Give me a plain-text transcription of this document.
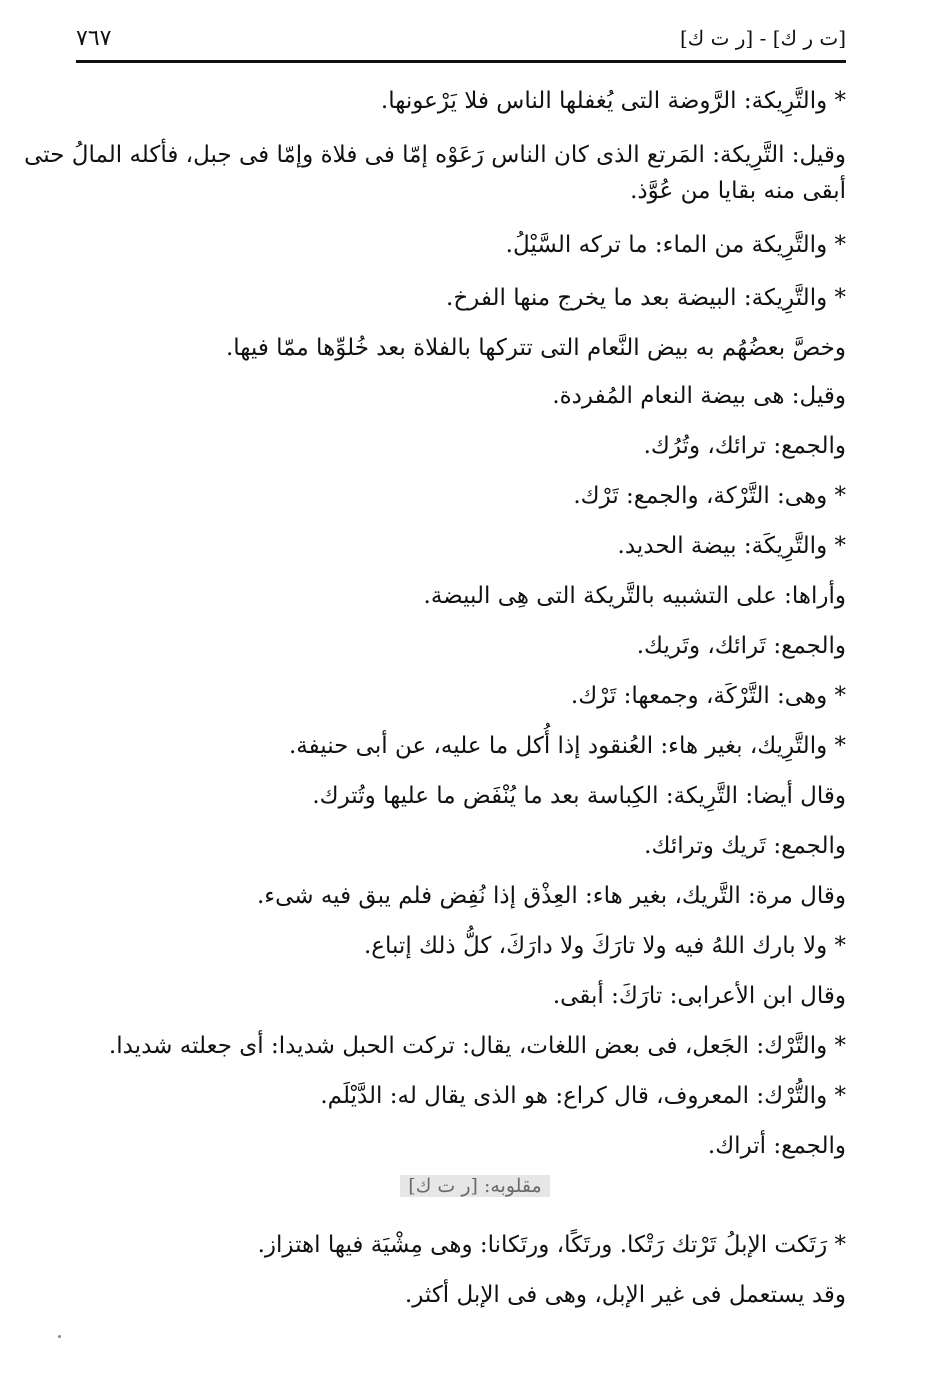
[ت ر ك] - [ر ت ك]
٧٦٧
* والتَّرِيكة: الرَّوضة التى يُغفلها الناس فلا يَرْعونها.
وقيل: التَّرِيكة: المَرتع الذى كان الناس رَعَوْه إمّا فى فلاة وإمّا فى جبل، فأكله المالُ حتى
أبقى منه بقايا من عُوَّذ.
* والتَّرِيكة من الماء: ما تركه السَّيْلُ.
* والتَّرِيكة: البيضة بعد ما يخرج منها الفرخ.
وخصَّ بعضُهُم به بيض النَّعام التى تتركها بالفلاة بعد خُلوِّها ممّا فيها.
وقيل: هى بيضة النعام المُفردة.
والجمع: ترائك، وتُرُك.
* وهى: التَّرْكة، والجمع: تَرْك.
* والتَّرِيكَة: بيضة الحديد.
وأراها: على التشبيه بالتَّريكة التى هِى البيضة.
والجمع: تَرائك، وتَريك.
* وهى: التَّرْكَة، وجمعها: تَرْك.
* والتَّرِيك، بغير هاء: العُنقود إذا أُكل ما عليه، عن أبى حنيفة.
وقال أيضا: التَّرِيكة: الكِباسة بعد ما يُنْفَض ما عليها وتُترك.
والجمع: تَريك وترائك.
وقال مرة: التَّريك، بغير هاء: العِذْق إذا نُفِض فلم يبق فيه شىء.
* ولا بارك اللهُ فيه ولا تارَكَ ولا دارَكَ، كلُّ ذلك إتباع.
وقال ابن الأعرابى: تارَكَ: أبقى.
* والتَّرْك: الجَعل، فى بعض اللغات، يقال: تركت الحبل شديدا: أى جعلته شديدا.
* والتُّرْك: المعروف، قال كراع: هو الذى يقال له: الدَّيْلَم.
والجمع: أتراك.
* رَتَكت الإبلُ تَرْتك رَتْكا. ورتَكًا، ورتَكانا: وهى مِشْيَة فيها اهتزاز.
وقد يستعمل فى غير الإبل، وهى فى الإبل أكثر.
مقلوبه: [ر ت ك]
